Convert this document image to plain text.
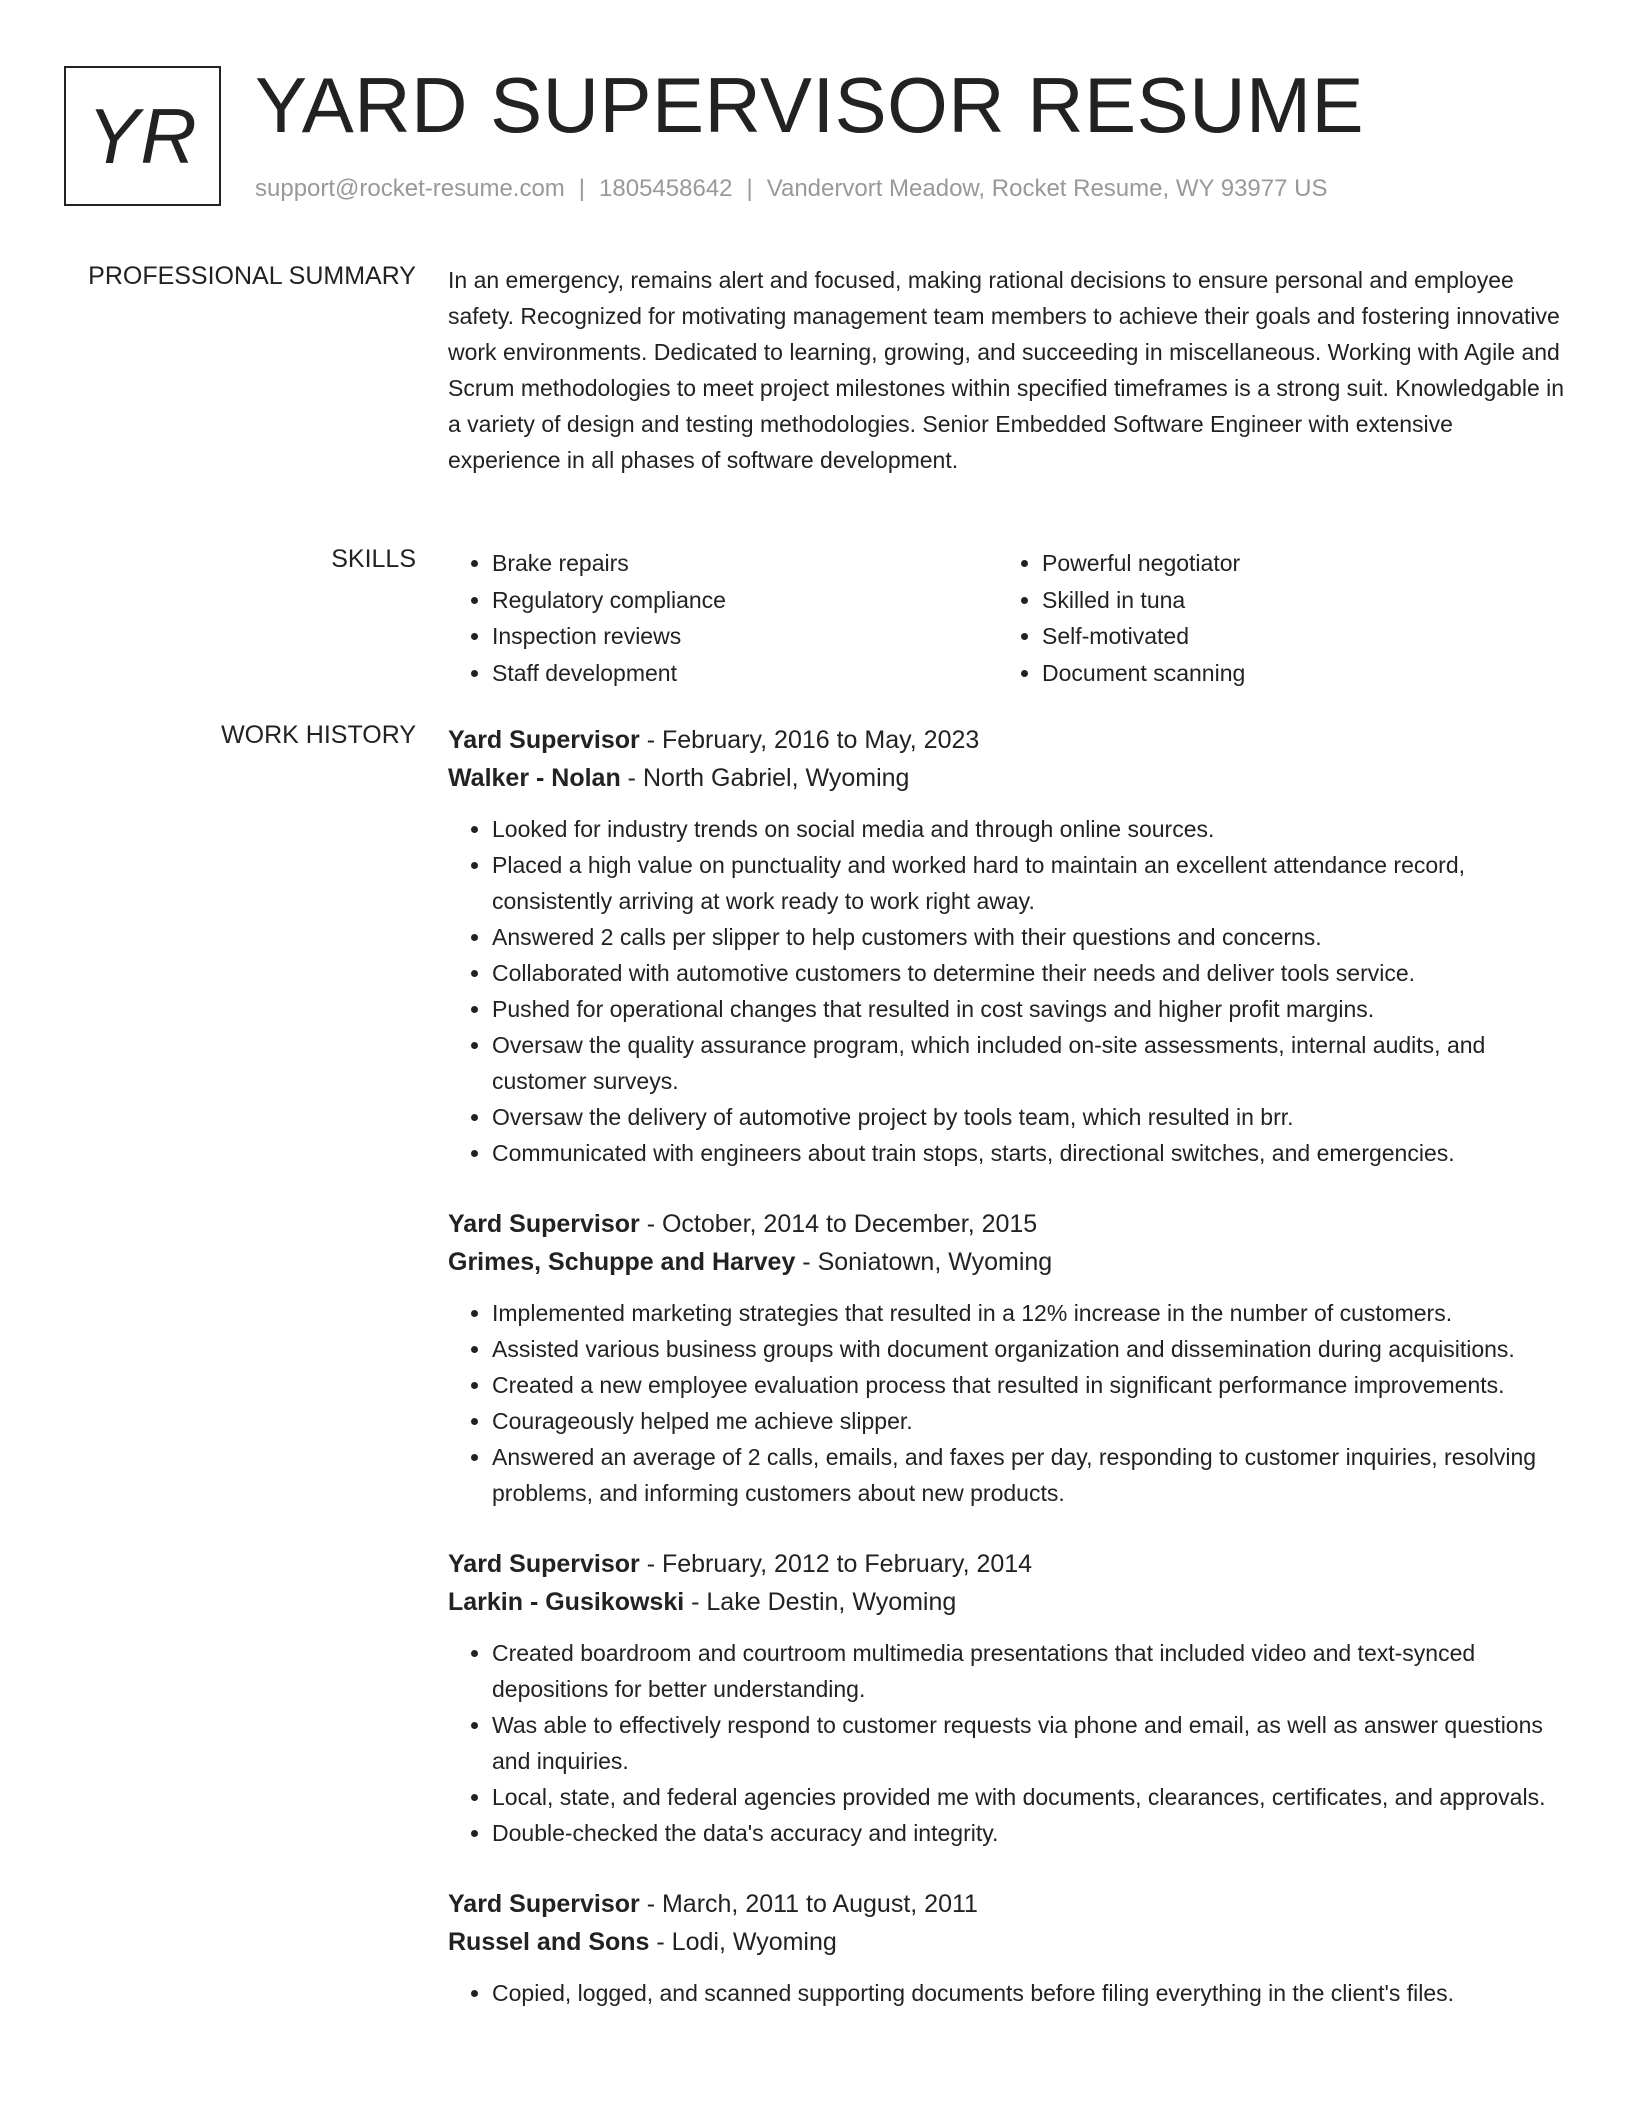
YR YARD SUPERVISOR RESUME
support@rocket-resume.com | 1805458642 | Vandervort Meadow, Rocket Resume, WY 93977 US
PROFESSIONAL SUMMARY In an emergency, remains alert and focused, making rational decisions to ensure personal and employee safety. Recognized for motivating management team members to achieve their goals and fostering innovative work environments. Dedicated to learning, growing, and succeeding in miscellaneous. Working with Agile and Scrum methodologies to meet project milestones within specified timeframes is a strong suit. Knowledgable in a variety of design and testing methodologies. Senior Embedded Software Engineer with extensive experience in all phases of software development.

SKILLS
•	Brake repairs
• Regulatory compliance
• Inspection reviews
• Staff development
• Powerful negotiator
• Skilled in tuna
• Self-motivated
• Document scanning
WORK HISTORY Yard Supervisor - February, 2016 to May, 2023

Walker - Nolan - North Gabriel, Wyoming

• Looked for industry trends on social media and through online sources.
• Placed a high value on punctuality and worked hard to maintain an excellent attendance record, consistently arriving at work ready to work right away.
• Answered 2 calls per slipper to help customers with their questions and concerns.
• Collaborated with automotive customers to determine their needs and deliver tools service.
• Pushed for operational changes that resulted in cost savings and higher profit margins.
• Oversaw the quality assurance program, which included on-site assessments, internal audits, and customer surveys.
• Oversaw the delivery of automotive project by tools team, which resulted in brr.
• Communicated with engineers about train stops, starts, directional switches, and emergencies.

Yard Supervisor - October, 2014 to December, 2015

Grimes, Schuppe and Harvey - Soniatown, Wyoming

• Implemented marketing strategies that resulted in a 12% increase in the number of customers.
• Assisted various business groups with document organization and dissemination during acquisitions.
• Created a new employee evaluation process that resulted in significant performance improvements.
• Courageously helped me achieve slipper.
• Answered an average of 2 calls, emails, and faxes per day, responding to customer inquiries, resolving problems, and informing customers about new products.

Yard Supervisor - February, 2012 to February, 2014

Larkin - Gusikowski - Lake Destin, Wyoming

• Created boardroom and courtroom multimedia presentations that included video and text-synced depositions for better understanding.
• Was able to effectively respond to customer requests via phone and email, as well as answer questions and inquiries.
• Local, state, and federal agencies provided me with documents, clearances, certificates, and approvals.
• Double-checked the data's accuracy and integrity.

Yard Supervisor - March, 2011 to August, 2011

Russel and Sons - Lodi, Wyoming

• Copied, logged, and scanned supporting documents before filing everything in the client's files.
